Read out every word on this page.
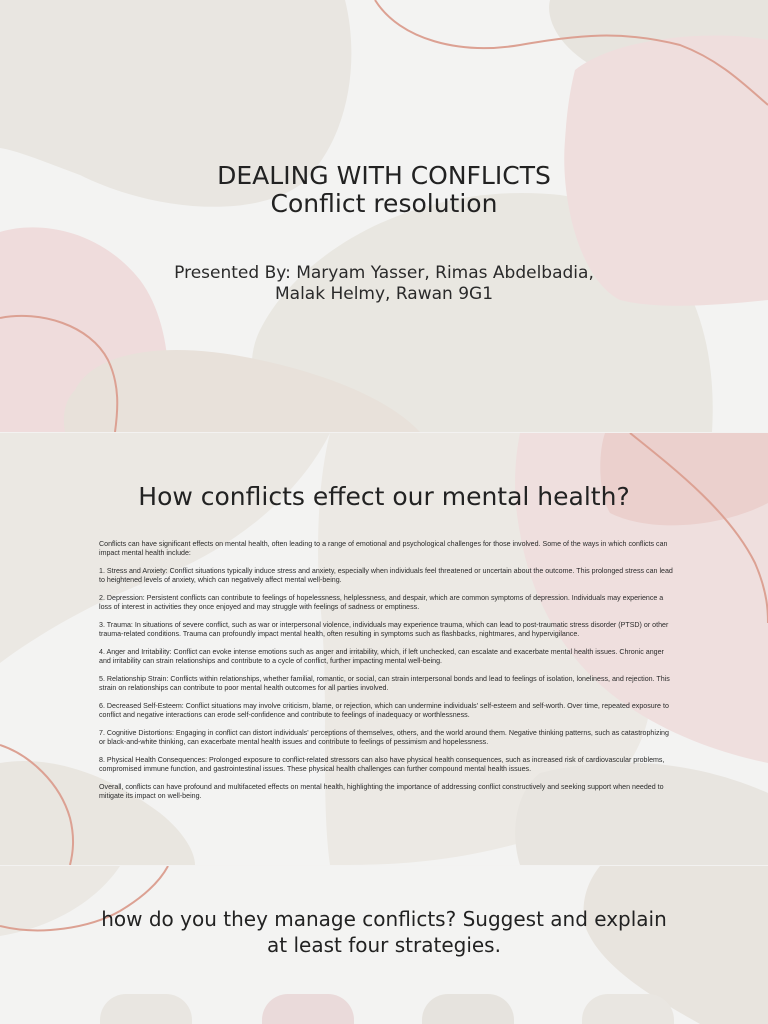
DEALING WITH CONFLICTS
Conflict resolution
Presented By: Maryam Yasser, Rimas Abdelbadia,
Malak Helmy, Rawan 9G1
How conflicts effect our mental health?

Conflicts can have significant effects on mental health, often leading to a range of emotional and psychological challenges for those involved. Some of the ways in which conflicts can impact mental health include:

1. Stress and Anxiety: Conflict situations typically induce stress and anxiety, especially when individuals feel threatened or uncertain about the outcome. This prolonged stress can lead to heightened levels of anxiety, which can negatively affect mental well-being.

2. Depression: Persistent conflicts can contribute to feelings of hopelessness, helplessness, and despair, which are common symptoms of depression. Individuals may experience a loss of interest in activities they once enjoyed and may struggle with feelings of sadness or emptiness.

3. Trauma: In situations of severe conflict, such as war or interpersonal violence, individuals may experience trauma, which can lead to post-traumatic stress disorder (PTSD) or other trauma-related conditions. Trauma can profoundly impact mental health, often resulting in symptoms such as flashbacks, nightmares, and hypervigilance.

4. Anger and Irritability: Conflict can evoke intense emotions such as anger and irritability, which, if left unchecked, can escalate and exacerbate mental health issues. Chronic anger and irritability can strain relationships and contribute to a cycle of conflict, further impacting mental well-being.

5. Relationship Strain: Conflicts within relationships, whether familial, romantic, or social, can strain interpersonal bonds and lead to feelings of isolation, loneliness, and rejection. This strain on relationships can contribute to poor mental health outcomes for all parties involved.

6. Decreased Self-Esteem: Conflict situations may involve criticism, blame, or rejection, which can undermine individuals' self-esteem and self-worth. Over time, repeated exposure to conflict and negative interactions can erode self-confidence and contribute to feelings of inadequacy or worthlessness.

7. Cognitive Distortions: Engaging in conflict can distort individuals' perceptions of themselves, others, and the world around them. Negative thinking patterns, such as catastrophizing or black-and-white thinking, can exacerbate mental health issues and contribute to feelings of pessimism and hopelessness.

8. Physical Health Consequences: Prolonged exposure to conflict-related stressors can also have physical health consequences, such as increased risk of cardiovascular problems, compromised immune function, and gastrointestinal issues. These physical health challenges can further compound mental health issues.

Overall, conflicts can have profound and multifaceted effects on mental health, highlighting the importance of addressing conflict constructively and seeking support when needed to mitigate its impact on well-being.

how do you they manage conflicts? Suggest and explain
at least four strategies.
